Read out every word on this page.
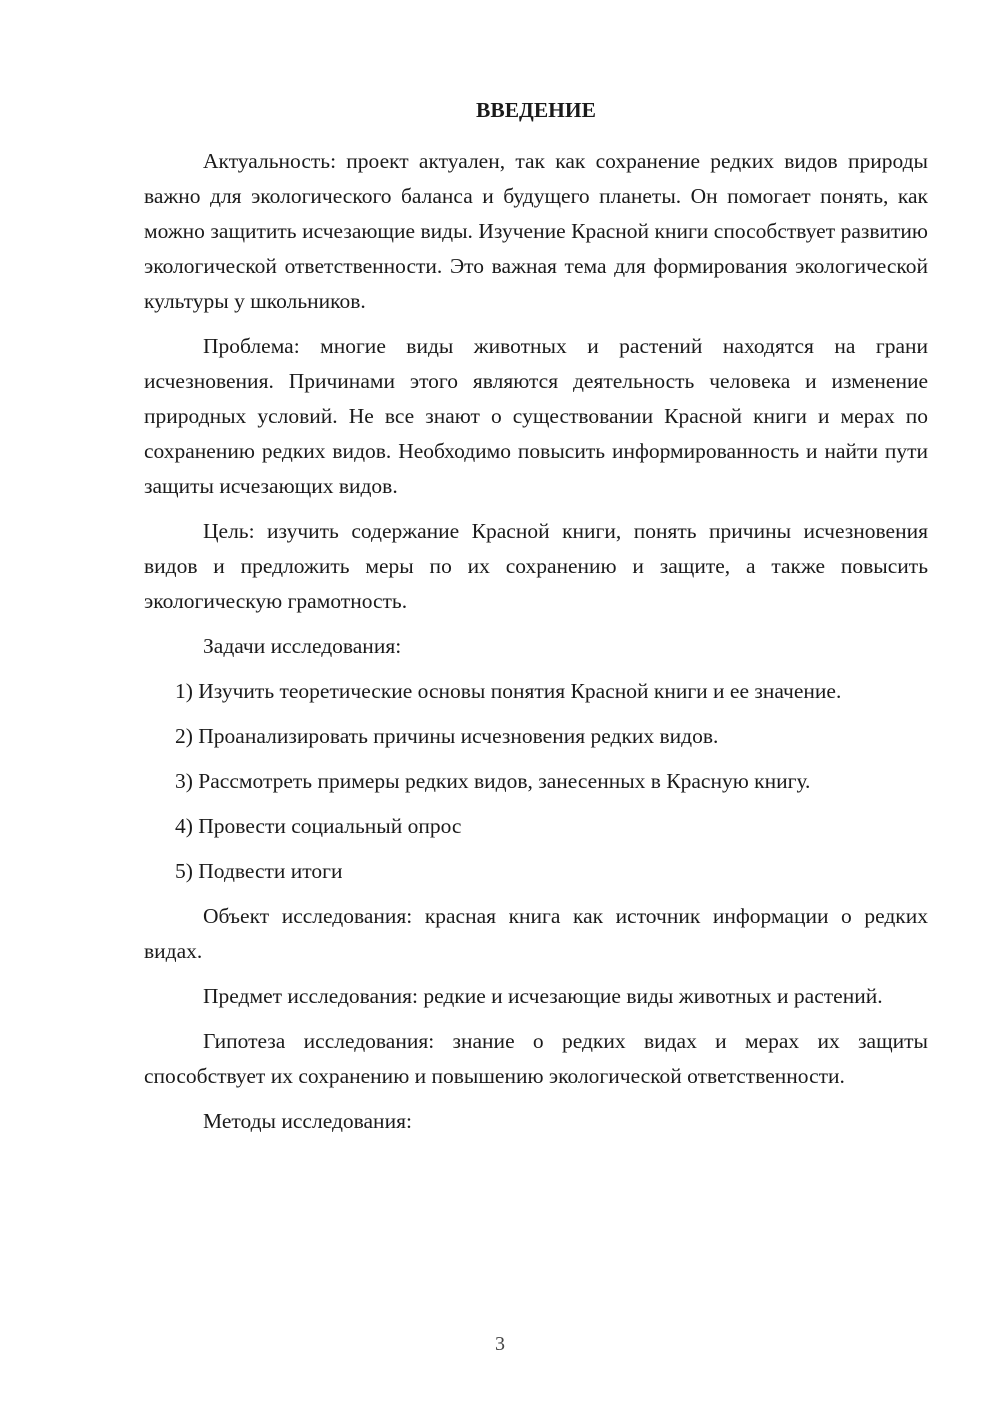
ВВЕДЕНИЕ

Актуальность: проект актуален, так как сохранение редких видов природы важно для экологического баланса и будущего планеты. Он помогает понять, как можно защитить исчезающие виды. Изучение Красной книги способствует развитию экологической ответственности. Это важная тема для формирования экологической культуры у школьников.

Проблема: многие виды животных и растений находятся на грани исчезновения. Причинами этого являются деятельность человека и изменение природных условий. Не все знают о существовании Красной книги и мерах по сохранению редких видов. Необходимо повысить информированность и найти пути защиты исчезающих видов.

Цель: изучить содержание Красной книги, понять причины исчезновения видов и предложить меры по их сохранению и защите, а также повысить экологическую грамотность.

Задачи исследования:

1) Изучить теоретические основы понятия Красной книги и ее значение.

2) Проанализировать причины исчезновения редких видов.

3) Рассмотреть примеры редких видов, занесенных в Красную книгу.

4) Провести социальный опрос

5) Подвести итоги

Объект исследования: красная книга как источник информации о редких видах.

Предмет исследования: редкие и исчезающие виды животных и растений.

Гипотеза исследования: знание о редких видах и мерах их защиты способствует их сохранению и повышению экологической ответственности.

Методы исследования:

3
